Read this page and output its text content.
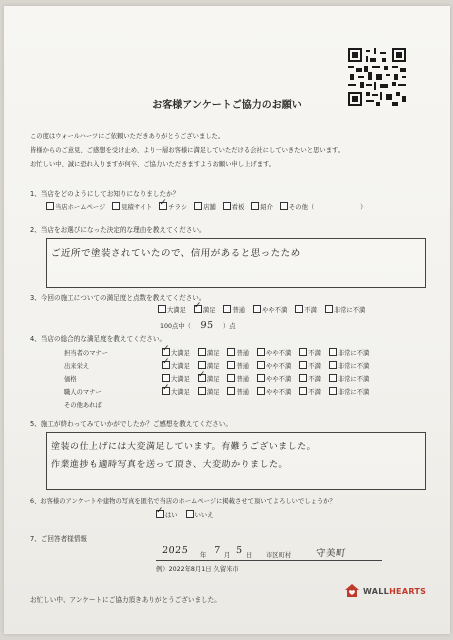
お客様アンケートご協力のお願い
この度はウォールハーツにご依頼いただきありがとうございました。
皆様からのご意見、ご感想を受け止め、より一層お客様に満足していただける会社にしていきたいと思います。
お忙しい中、誠に恐れ入りますが何卒、ご協力いただきますようお願い申し上げます。
1、当店をどのようにしてお知りになりましたか？
当店ホームページ	見積サイト ✓	チラシ	店舗	看板	紹介	その他（	）
2、当店をお選びになった決定的な理由を教えてください。
ご近所で塗装されていたので、信用があると思ったため
3、今回の施工についての満足度と点数を教えてください。
大満足 ✓	満足	普通	やや不満	不満	非常に不満
100点中（ 95 ）点
4、当店の総合的な満足度を教えてください。
担当者のマナー ✓	大満足	満足	普通	やや不満	不満	非常に不満
出来栄え ✓	大満足	満足	普通	やや不満	不満	非常に不満
価格	大満足 ✓	満足	普通	やや不満	不満	非常に不満
職人のマナー ✓	大満足	満足	普通	やや不満	不満	非常に不満
その他あれば
5、施工が終わってみていかがでしたか？ご感想を教えてください。
塗装の仕上げには大変満足しています。有難うございました。
作業進捗も適時写真を送って頂き、大変助かりました。
6、お客様のアンケートや建物の写真を匿名で当店のホームページに掲載させて頂いてよろしいでしょうか？
✓はい	いいえ
7、ご回答者様情報
2025 年 7 月 5 日 市区町村	守美町
例）2022年8月1日 久留米市
お忙しい中、アンケートにご協力頂きありがとうございました。
WALLHEARTS
